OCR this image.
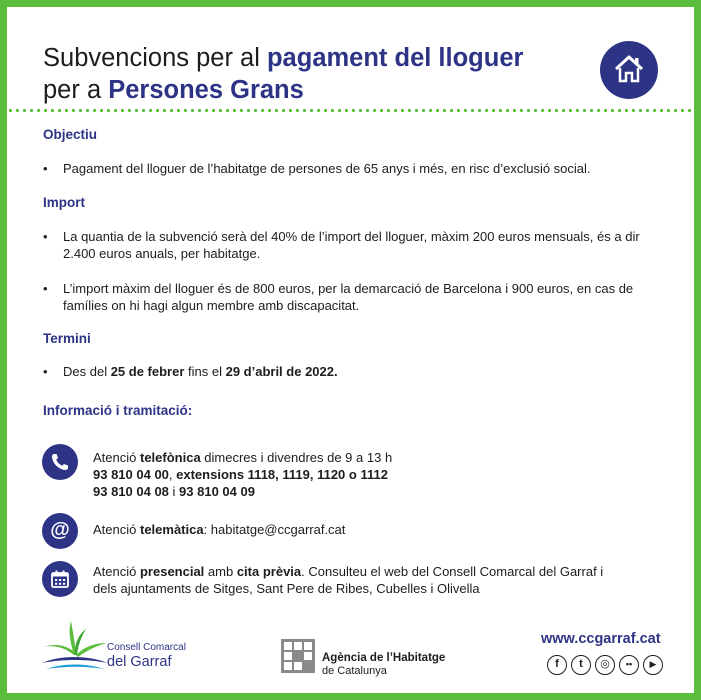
Subvencions per al pagament del lloguer
per a Persones Grans
Objectiu
• Pagament del lloguer de l’habitatge de persones de 65 anys i més, en risc d’exclusió social.
Import
• La quantia de la subvenció serà del 40% de l’import del lloguer, màxim 200 euros mensuals, és a dir 2.400 euros anuals, per habitatge.
• L’import màxim del lloguer és de 800 euros, per la demarcació de Barcelona i 900 euros, en cas de famílies on hi hagi algun membre amb discapacitat.
Termini
• Des del 25 de febrer fins el 29 d’abril de 2022.
Informació i tramitació:
Atenció telefònica dimecres i divendres de 9 a 13 h
93 810 04 00, extensions 1118, 1119, 1120 o 1112
93 810 04 08 i 93 810 04 09
@	Atenció telemàtica: habitatge@ccgarraf.cat
Atenció presencial amb cita prèvia. Consulteu el web del Consell Comarcal del Garraf i
dels ajuntaments de Sitges, Sant Pere de Ribes, Cubelles i Olivella
Consell Comarcal
del Garraf	Agència de l’Habitatge
de Catalunya
www.ccgarraf.cat
f	t	◎	••	▶
